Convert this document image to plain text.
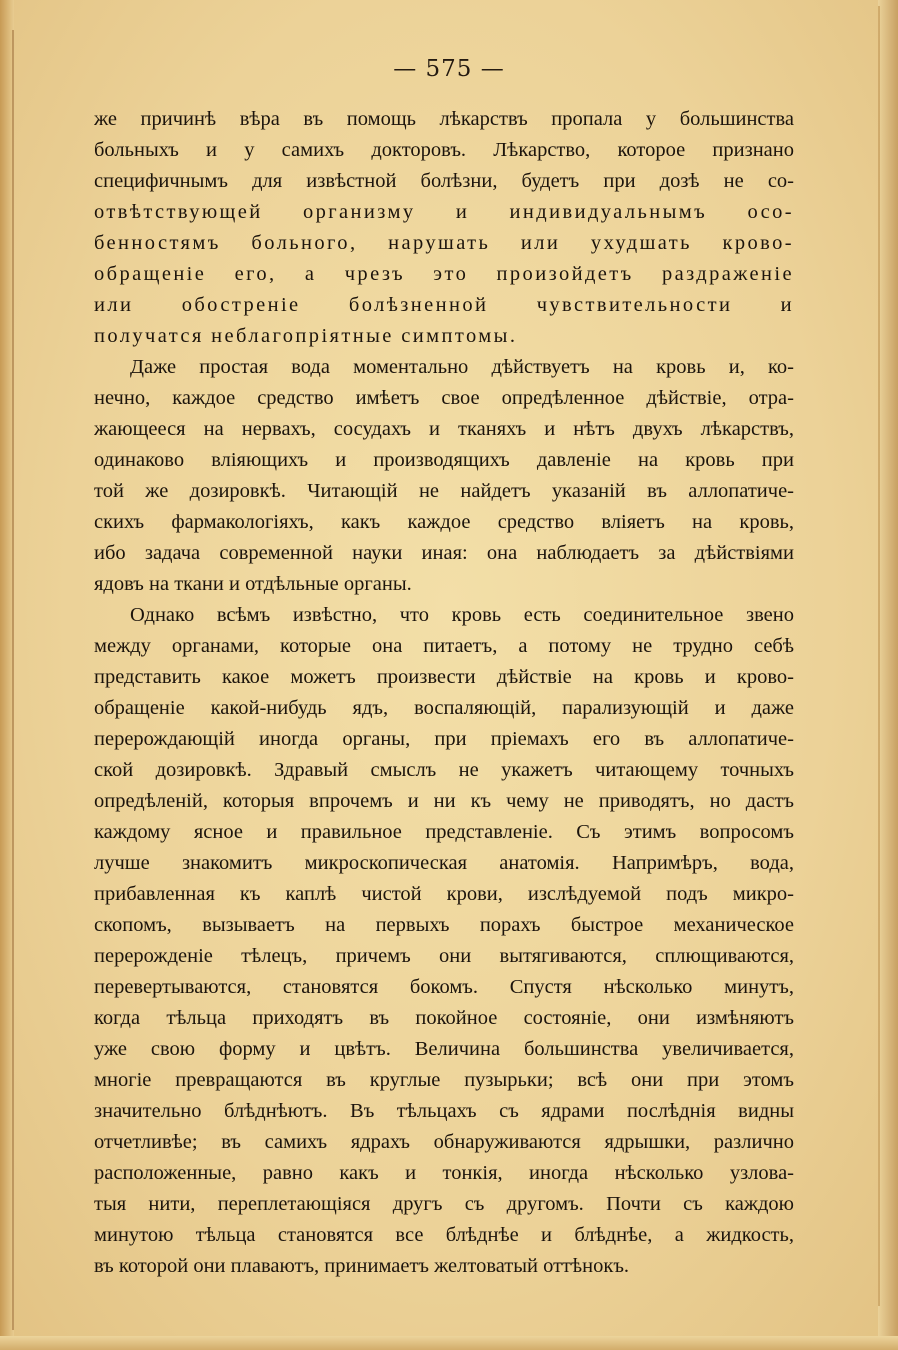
— 575 —
же причинѣ вѣра въ помощь лѣкарствъ пропала у большинства
больныхъ и у самихъ докторовъ. Лѣкарство, которое признано
специфичнымъ для извѣстной болѣзни, будетъ при дозѣ не со-
отвѣтствующей организму и индивидуальнымъ осо-
бенностямъ больного, нарушать или ухудшать крово-
обращеніе его, а чрезъ это произойдетъ раздраженіе
или обостреніе болѣзненной чувствительности и
получатся неблагопріятные симптомы.
Даже простая вода моментально дѣйствуетъ на кровь и, ко-
нечно, каждое средство имѣетъ свое опредѣленное дѣйствіе, отра-
жающееся на нервахъ, сосудахъ и тканяхъ и нѣтъ двухъ лѣкарствъ,
одинаково вліяющихъ и производящихъ давленіе на кровь при
той же дозировкѣ. Читающій не найдетъ указаній въ аллопатиче-
скихъ фармакологіяхъ, какъ каждое средство вліяетъ на кровь,
ибо задача современной науки иная: она наблюдаетъ за дѣйствіями
ядовъ на ткани и отдѣльные органы.
Однако всѣмъ извѣстно, что кровь есть соединительное звено
между органами, которые она питаетъ, а потому не трудно себѣ
представить какое можетъ произвести дѣйствіе на кровь и крово-
обращеніе какой-нибудь ядъ, воспаляющій, парализующій и даже
перерождающій иногда органы, при пріемахъ его въ аллопатиче-
ской дозировкѣ. Здравый смыслъ не укажетъ читающему точныхъ
опредѣленій, которыя впрочемъ и ни къ чему не приводятъ, но дастъ
каждому ясное и правильное представленіе. Съ этимъ вопросомъ
лучше знакомитъ микроскопическая анатомія. Напримѣръ, вода,
прибавленная къ каплѣ чистой крови, изслѣдуемой подъ микро-
скопомъ, вызываетъ на первыхъ порахъ быстрое механическое
перерожденіе тѣлецъ, причемъ они вытягиваются, сплющиваются,
перевертываются, становятся бокомъ. Спустя нѣсколько минутъ,
когда тѣльца приходятъ въ покойное состояніе, они измѣняютъ
уже свою форму и цвѣтъ. Величина большинства увеличивается,
многіе превращаются въ круглые пузырьки; всѣ они при этомъ
значительно блѣднѣютъ. Въ тѣльцахъ съ ядрами послѣднія видны
отчетливѣе; въ самихъ ядрахъ обнаруживаются ядрышки, различно
расположенные, равно какъ и тонкія, иногда нѣсколько узлова-
тыя нити, переплетающіяся другъ съ другомъ. Почти съ каждою
минутою тѣльца становятся все блѣднѣе и блѣднѣе, а жидкость,
въ которой они плаваютъ, принимаетъ желтоватый оттѣнокъ.
